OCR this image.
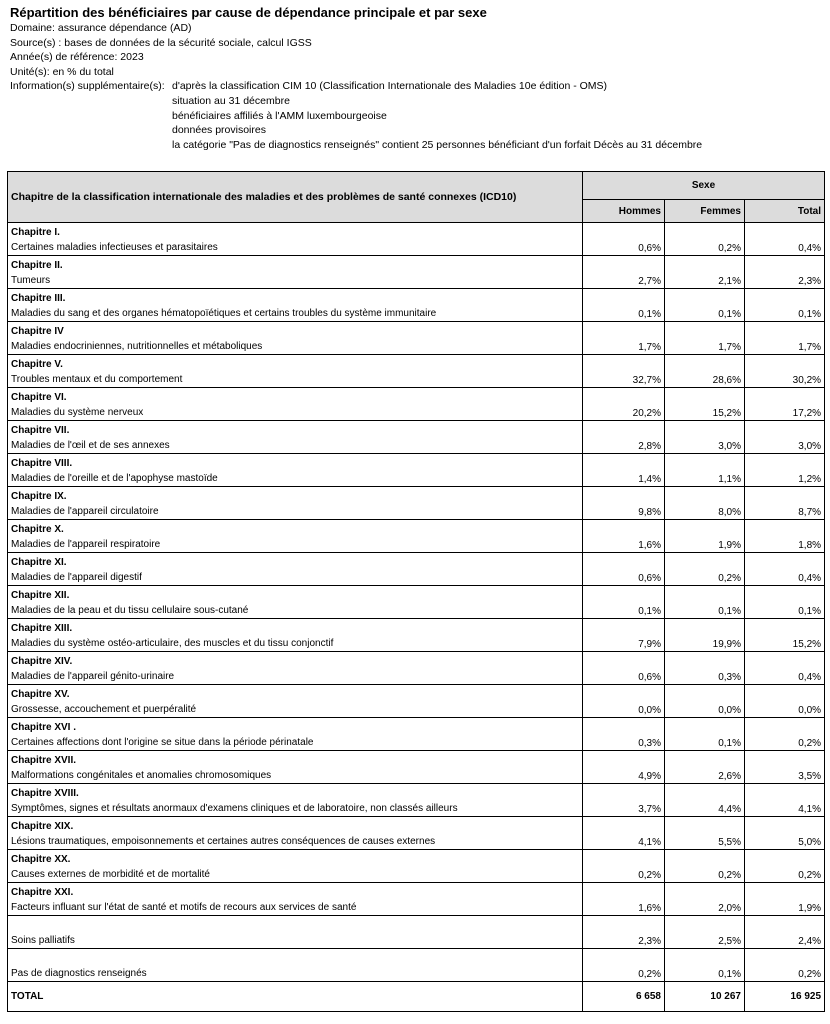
Répartition des bénéficiaires par cause de dépendance principale et par sexe
Domaine: assurance dépendance (AD)
Source(s) : bases de données de la sécurité sociale, calcul IGSS
Année(s) de référence: 2023
Unité(s): en % du total
Information(s) supplémentaire(s): d'après la classification CIM 10 (Classification Internationale des Maladies 10e édition - OMS)
situation au 31 décembre
bénéficiaires affiliés à l'AMM luxembourgeoise
données provisoires
la catégorie "Pas de diagnostics renseignés" contient 25 personnes bénéficiant d'un forfait Décès au 31 décembre
Chapitre de la classification internationale des maladies et des problèmes de santé connexes (ICD10)	Sexe		
	Hommes	Femmes	Total

Chapitre I.
Certaines maladies infectieuses et parasitaires	0,6%	0,2%	0,4%

Chapitre II.
Tumeurs	2,7%	2,1%	2,3%

Chapitre III.
Maladies du sang et des organes hématopoïétiques et certains troubles du système immunitaire	0,1%	0,1%	0,1%

Chapitre IV
Maladies endocriniennes, nutritionnelles et métaboliques	1,7%	1,7%	1,7%

Chapitre V.
Troubles mentaux et du comportement	32,7%	28,6%	30,2%

Chapitre VI.
Maladies du système nerveux	20,2%	15,2%	17,2%

Chapitre VII.
Maladies de l'œil et de ses annexes	2,8%	3,0%	3,0%

Chapitre VIII.
Maladies de l'oreille et de l'apophyse mastoïde	1,4%	1,1%	1,2%

Chapitre IX.
Maladies de l'appareil circulatoire	9,8%	8,0%	8,7%

Chapitre X.
Maladies de l'appareil respiratoire	1,6%	1,9%	1,8%

Chapitre XI.
Maladies de l'appareil digestif	0,6%	0,2%	0,4%

Chapitre XII.
Maladies de la peau et du tissu cellulaire sous-cutané	0,1%	0,1%	0,1%

Chapitre XIII.
Maladies du système ostéo-articulaire, des muscles et du tissu conjonctif	7,9%	19,9%	15,2%

Chapitre XIV.
Maladies de l'appareil génito-urinaire	0,6%	0,3%	0,4%

Chapitre XV.
Grossesse, accouchement et puerpéralité	0,0%	0,0%	0,0%

Chapitre XVI .
Certaines affections dont l'origine se situe dans la période périnatale	0,3%	0,1%	0,2%

Chapitre XVII.
Malformations congénitales et anomalies chromosomiques	4,9%	2,6%	3,5%

Chapitre XVIII.
Symptômes, signes et résultats anormaux d'examens cliniques et de laboratoire, non classés ailleurs	3,7%	4,4%	4,1%

Chapitre XIX.
Lésions traumatiques, empoisonnements et certaines autres conséquences de causes externes	4,1%	5,5%	5,0%

Chapitre XX.
Causes externes de morbidité et de mortalité	0,2%	0,2%	0,2%

Chapitre XXI.
Facteurs influant sur l'état de santé et motifs de recours aux services de santé	1,6%	2,0%	1,9%

Soins palliatifs	2,3%	2,5%	2,4%

Pas de diagnostics renseignés	0,2%	0,1%	0,2%
TOTAL	6 658	10 267	16 925
